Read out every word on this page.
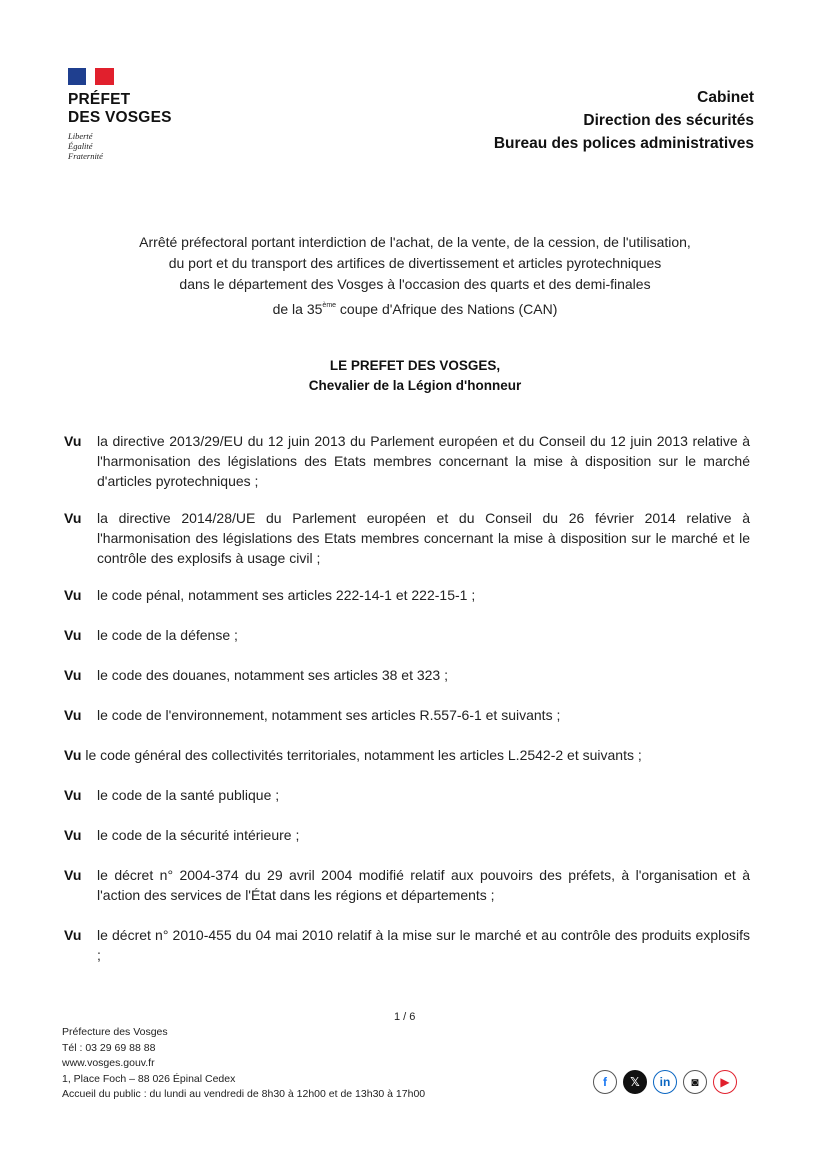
PRÉFET
DES VOSGES
Liberté
Égalité
Fraternité
Cabinet
Direction des sécurités
Bureau des polices administratives
Arrêté préfectoral portant interdiction de l'achat, de la vente, de la cession, de l'utilisation,
du port et du transport des artifices de divertissement et articles pyrotechniques
dans le département des Vosges à l'occasion des quarts et des demi-finales
de la 35ème coupe d'Afrique des Nations (CAN)
LE PREFET DES VOSGES,
Chevalier de la Légion d'honneur
Vu la directive 2013/29/EU du 12 juin 2013 du Parlement européen et du Conseil du 12 juin 2013 relative à l'harmonisation des législations des Etats membres concernant la mise à disposition sur le marché d'articles pyrotechniques ;
Vu la directive 2014/28/UE du Parlement européen et du Conseil du 26 février 2014 relative à l'harmonisation des législations des Etats membres concernant la mise à disposition sur le marché et le contrôle des explosifs à usage civil ;
Vu le code pénal, notamment ses articles 222-14-1 et 222-15-1 ;
Vu le code de la défense ;
Vu le code des douanes, notamment ses articles 38 et 323 ;
Vu le code de l'environnement, notamment ses articles R.557-6-1 et suivants ;
Vu le code général des collectivités territoriales, notamment les articles L.2542-2 et suivants ;
Vu le code de la santé publique ;
Vu le code de la sécurité intérieure ;
Vu le décret n° 2004-374 du 29 avril 2004 modifié relatif aux pouvoirs des préfets, à l'organisation et à l'action des services de l'État dans les régions et départements ;
Vu le décret n° 2010-455 du 04 mai 2010 relatif à la mise sur le marché et au contrôle des produits explosifs ;
1 / 6
Préfecture des Vosges
Tél : 03 29 69 88 88
www.vosges.gouv.fr
1, Place Foch – 88 026 Épinal Cedex
Accueil du public : du lundi au vendredi de 8h30 à 12h00 et de 13h30 à 17h00
f	𝕏	in	◙	▶
